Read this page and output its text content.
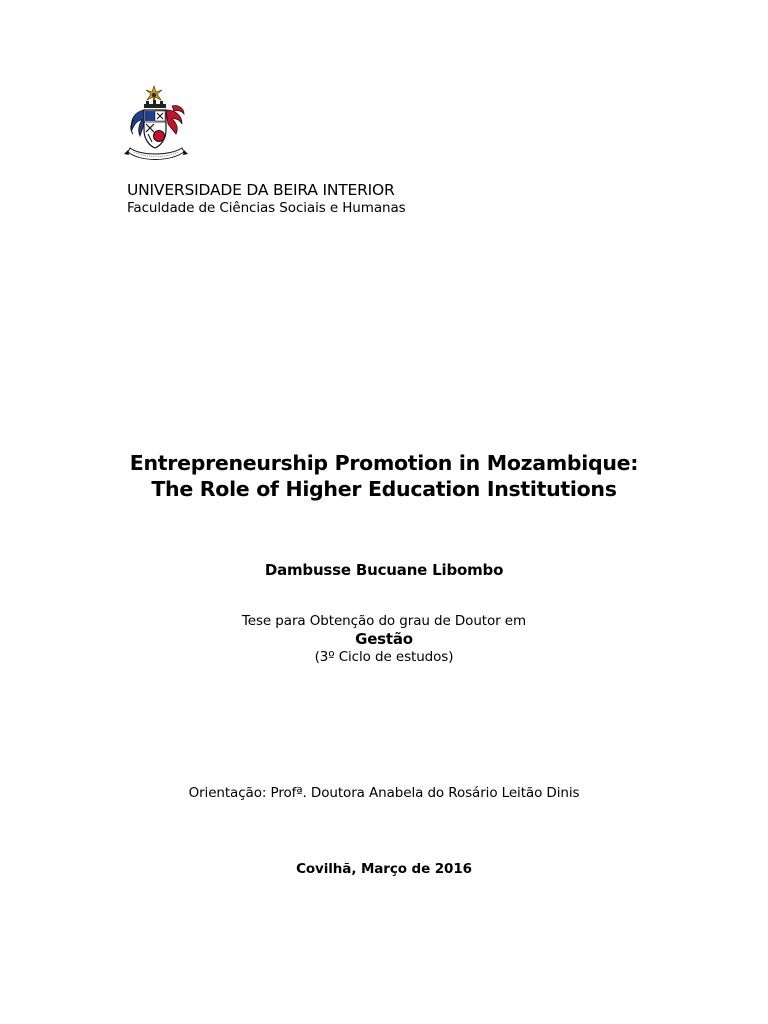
UNIVERSIDADE DA BEIRA INTERIOR
Faculdade de Ciências Sociais e Humanas
Entrepreneurship Promotion in Mozambique:
The Role of Higher Education Institutions
Dambusse Bucuane Libombo
Tese para Obtenção do grau de Doutor em
Gestão
(3º Ciclo de estudos)
Orientação: Profª. Doutora Anabela do Rosário Leitão Dinis
Covilhã, Março de 2016
